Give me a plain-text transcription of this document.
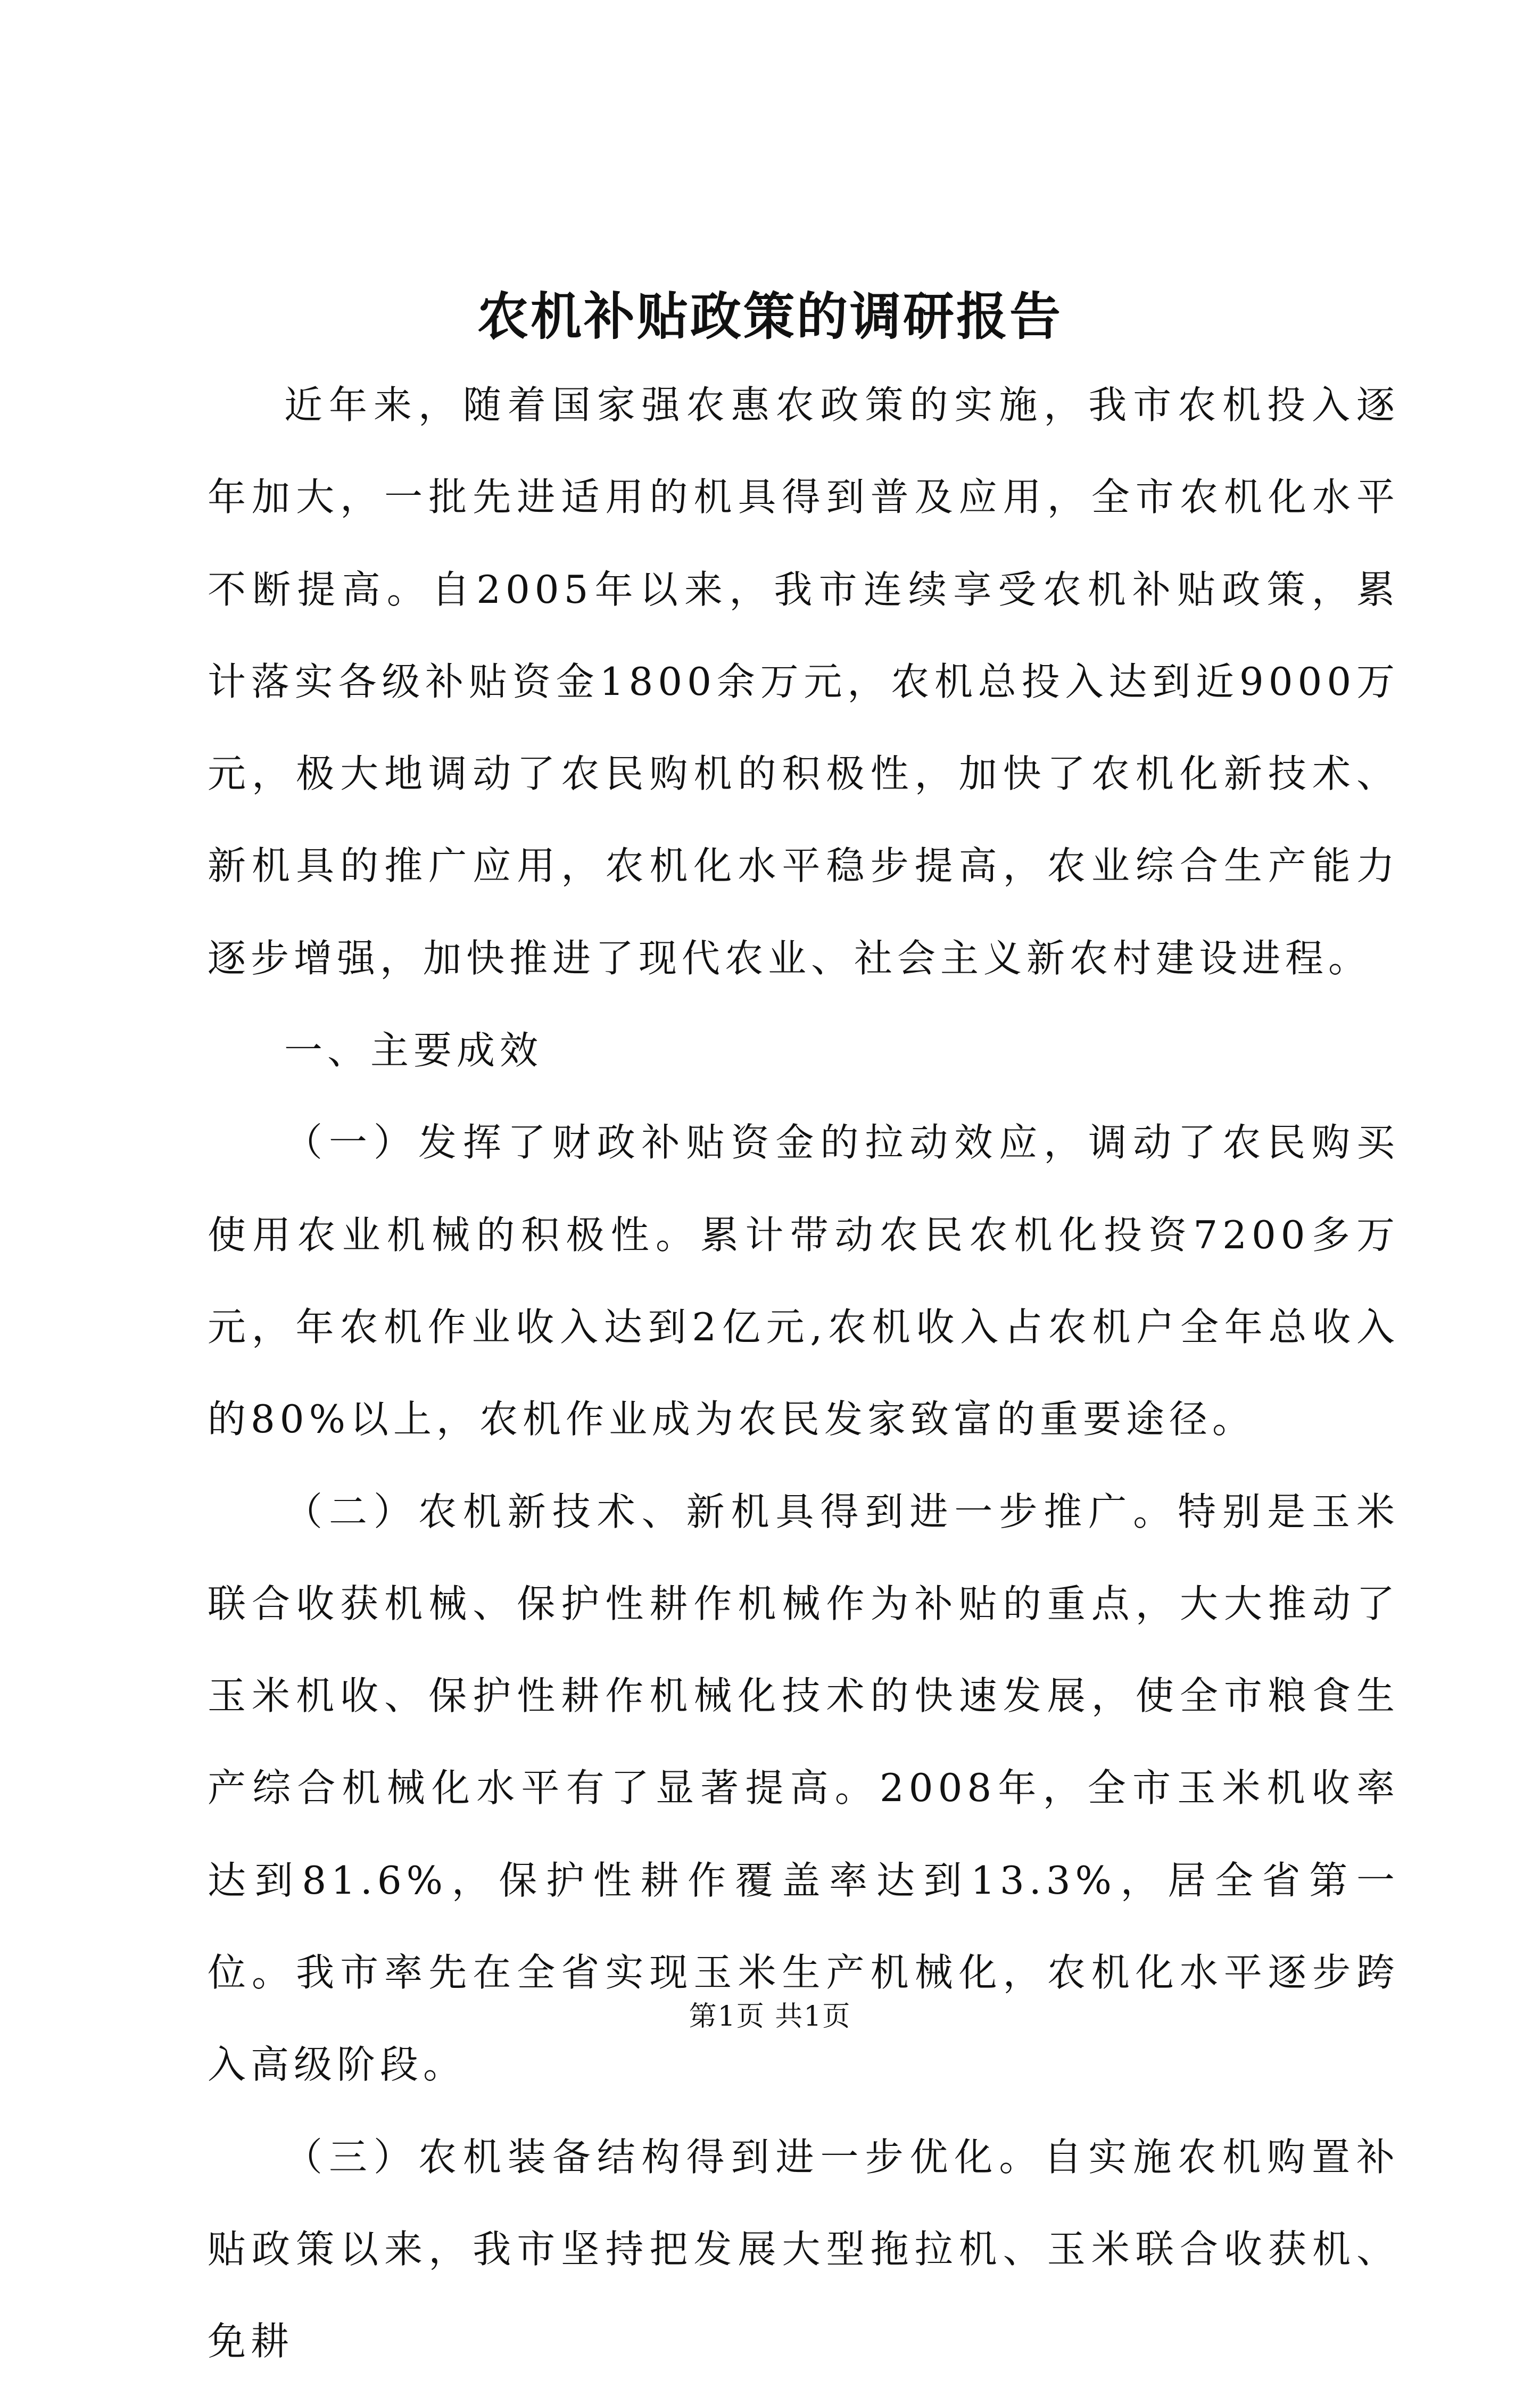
农机补贴政策的调研报告

近年来，随着国家强农惠农政策的实施，我市农机投入逐年加大，一批先进适用的机具得到普及应用，全市农机化水平不断提高。自2005年以来，我市连续享受农机补贴政策，累计落实各级补贴资金1800余万元，农机总投入达到近9000万元，极大地调动了农民购机的积极性，加快了农机化新技术、新机具的推广应用，农机化水平稳步提高，农业综合生产能力逐步增强，加快推进了现代农业、社会主义新农村建设进程。

一、主要成效

（一）发挥了财政补贴资金的拉动效应，调动了农民购买使用农业机械的积极性。累计带动农民农机化投资7200多万元，年农机作业收入达到2亿元,农机收入占农机户全年总收入的80%以上，农机作业成为农民发家致富的重要途径。

（二）农机新技术、新机具得到进一步推广。特别是玉米联合收获机械、保护性耕作机械作为补贴的重点，大大推动了玉米机收、保护性耕作机械化技术的快速发展，使全市粮食生产综合机械化水平有了显著提高。2008年，全市玉米机收率达到81.6%，保护性耕作覆盖率达到13.3%，居全省第一位。我市率先在全省实现玉米生产机械化，农机化水平逐步跨入高级阶段。

（三）农机装备结构得到进一步优化。自实施农机购置补贴政策以来，我市坚持把发展大型拖拉机、玉米联合收获机、免耕

第1页 共1页
